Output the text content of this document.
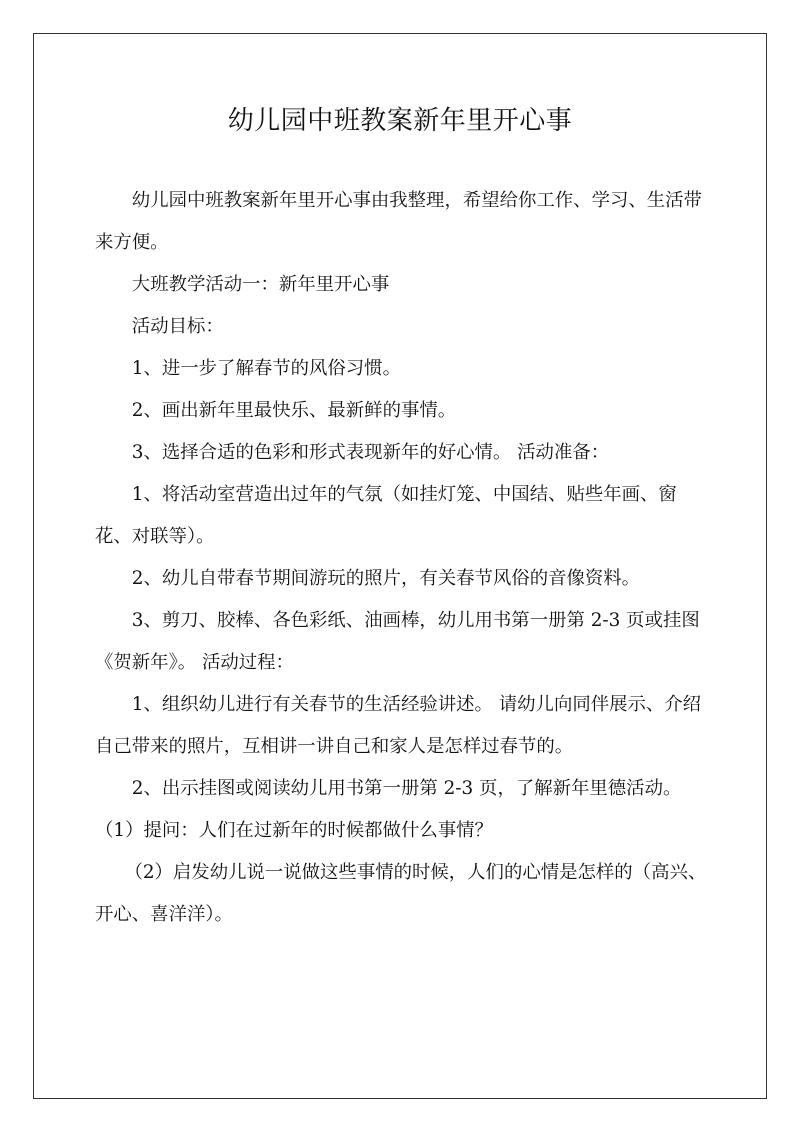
幼儿园中班教案新年里开心事

幼儿园中班教案新年里开心事由我整理，希望给你工作、学习、生活带来方便。

大班教学活动一：新年里开心事

活动目标：

1、进一步了解春节的风俗习惯。

2、画出新年里最快乐、最新鲜的事情。

3、选择合适的色彩和形式表现新年的好心情。 活动准备：

1、将活动室营造出过年的气氛（如挂灯笼、中国结、贴些年画、窗花、对联等）。

2、幼儿自带春节期间游玩的照片，有关春节风俗的音像资料。

3、剪刀、胶棒、各色彩纸、油画棒，幼儿用书第一册第 2-3 页或挂图《贺新年》。 活动过程：

1、组织幼儿进行有关春节的生活经验讲述。 请幼儿向同伴展示、介绍自己带来的照片，互相讲一讲自己和家人是怎样过春节的。

2、出示挂图或阅读幼儿用书第一册第 2-3 页，了解新年里德活动。 （1）提问：人们在过新年的时候都做什么事情？

（2）启发幼儿说一说做这些事情的时候，人们的心情是怎样的（高兴、开心、喜洋洋）。
